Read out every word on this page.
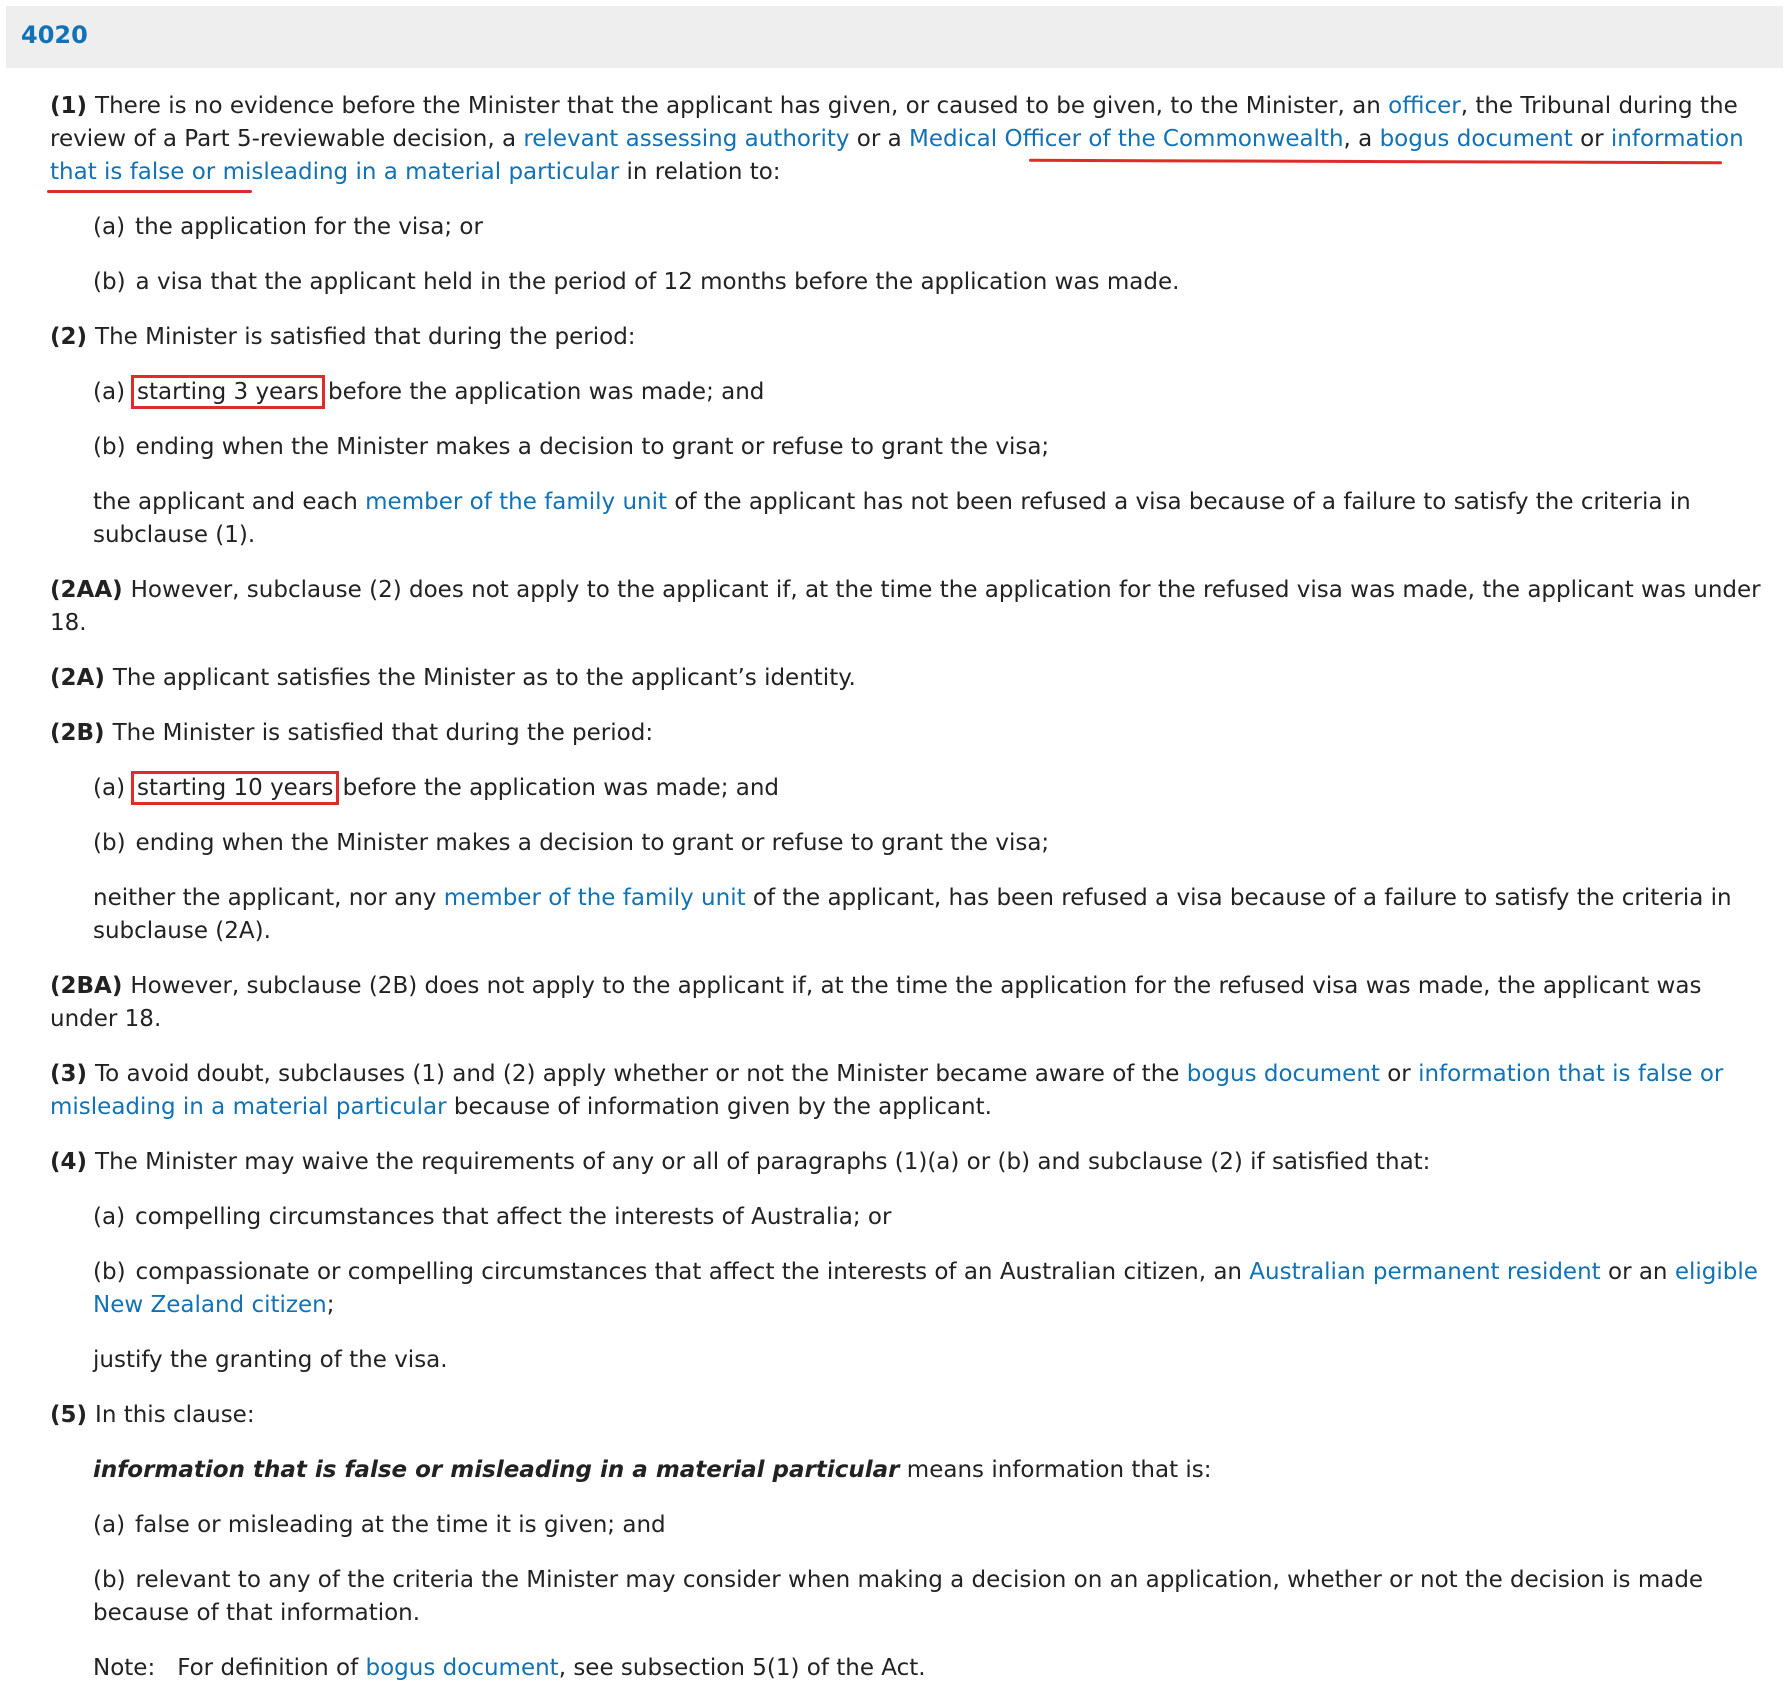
4020

(1) There is no evidence before the Minister that the applicant has given, or caused to be given, to the Minister, an officer, the Tribunal during the review of a Part 5-reviewable decision, a relevant assessing authority or a Medical Officer of the Commonwealth, a bogus document or information that is false or misleading in a material particular in relation to:

(a) the application for the visa; or

(b) a visa that the applicant held in the period of 12 months before the application was made.

(2) The Minister is satisfied that during the period:

(a) starting 3 years before the application was made; and

(b) ending when the Minister makes a decision to grant or refuse to grant the visa;

the applicant and each member of the family unit of the applicant has not been refused a visa because of a failure to satisfy the criteria in subclause (1).

(2AA) However, subclause (2) does not apply to the applicant if, at the time the application for the refused visa was made, the applicant was under 18.

(2A) The applicant satisfies the Minister as to the applicant’s identity.

(2B) The Minister is satisfied that during the period:

(a) starting 10 years before the application was made; and

(b) ending when the Minister makes a decision to grant or refuse to grant the visa;

neither the applicant, nor any member of the family unit of the applicant, has been refused a visa because of a failure to satisfy the criteria in subclause (2A).

(2BA) However, subclause (2B) does not apply to the applicant if, at the time the application for the refused visa was made, the applicant was under 18.

(3) To avoid doubt, subclauses (1) and (2) apply whether or not the Minister became aware of the bogus document or information that is false or misleading in a material particular because of information given by the applicant.

(4) The Minister may waive the requirements of any or all of paragraphs (1)(a) or (b) and subclause (2) if satisfied that:

(a) compelling circumstances that affect the interests of Australia; or

(b) compassionate or compelling circumstances that affect the interests of an Australian citizen, an Australian permanent resident or an eligible New Zealand citizen;

justify the granting of the visa.

(5) In this clause:

information that is false or misleading in a material particular means information that is:

(a) false or misleading at the time it is given; and

(b) relevant to any of the criteria the Minister may consider when making a decision on an application, whether or not the decision is made because of that information.

Note: For definition of bogus document, see subsection 5(1) of the Act.
